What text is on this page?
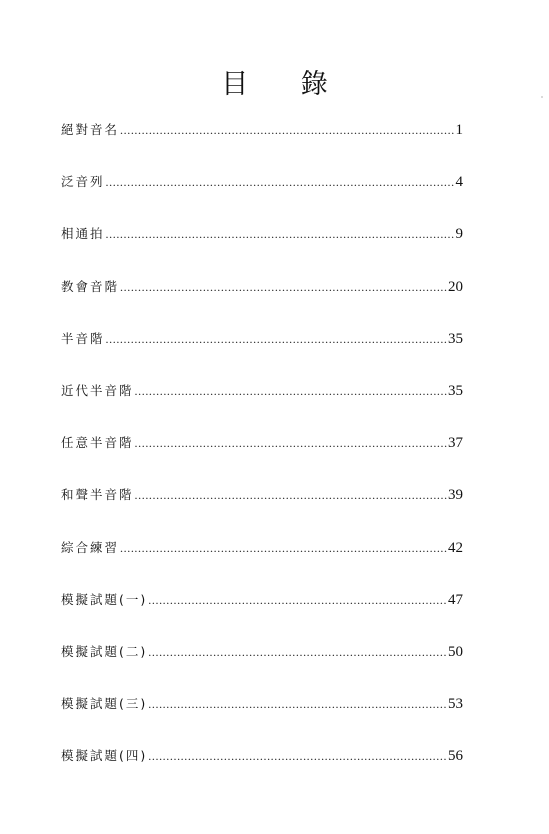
目 錄
絕對音名 .....	1
泛音列 .....	4
相通拍 .....	9
教會音階 .....	20
半音階 .....	35
近代半音階 .....	35
任意半音階 .....	37
和聲半音階 .....	39
綜合練習 .....	42
模擬試題(一) .....	47
模擬試題(二) .....	50
模擬試題(三) .....	53
模擬試題(四) .....	56
